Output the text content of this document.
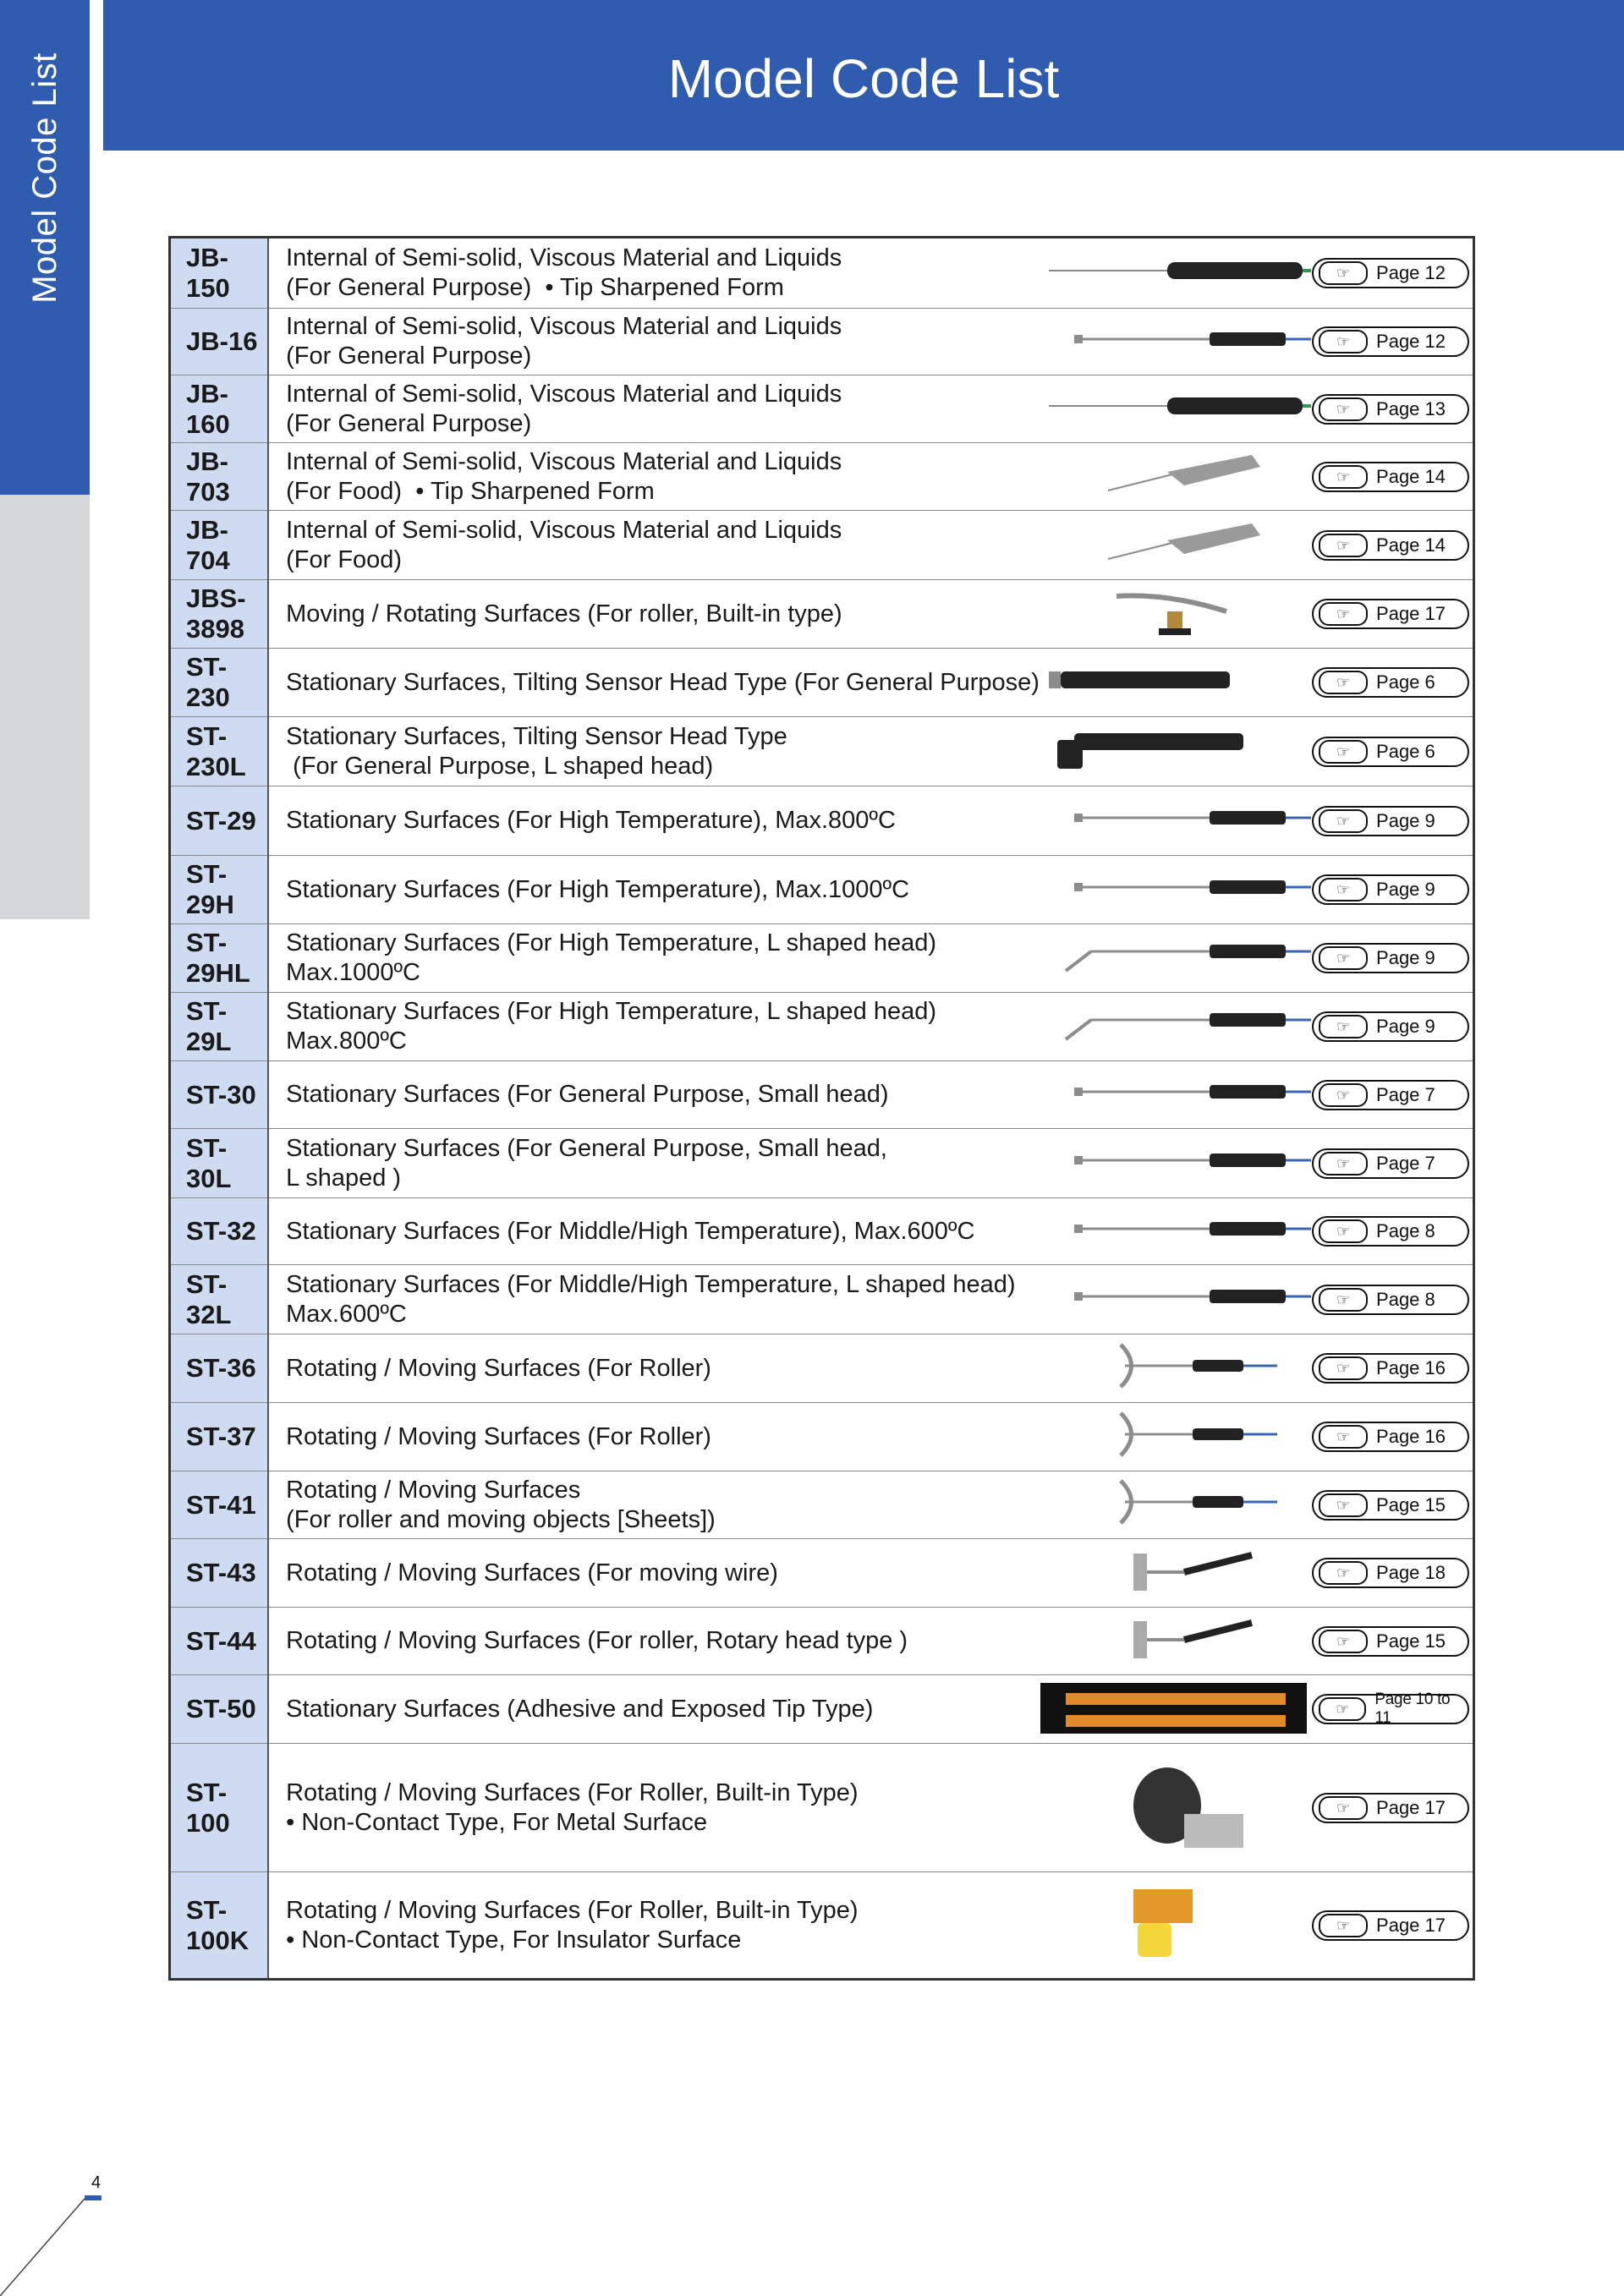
Model Code List	Model Code List
JB-150	Internal of Semi-solid, Viscous Material and Liquids
(For General Purpose)  • Tip Sharpened Form		☞ Page 12

JB-16	Internal of Semi-solid, Viscous Material and Liquids
(For General Purpose)		☞ Page 12

JB-160	Internal of Semi-solid, Viscous Material and Liquids
(For General Purpose)		☞ Page 13

JB-703	Internal of Semi-solid, Viscous Material and Liquids
(For Food)  • Tip Sharpened Form		☞ Page 14

JB-704	Internal of Semi-solid, Viscous Material and Liquids
(For Food)		☞ Page 14

JBS-3898	Moving / Rotating Surfaces (For roller, Built-in type)		☞ Page 17

ST-230	Stationary Surfaces, Tilting Sensor Head Type (For General Purpose)		☞ Page 6

ST-230L	Stationary Surfaces, Tilting Sensor Head Type
(For General Purpose, L shaped head)		☞ Page 6

ST-29	Stationary Surfaces (For High Temperature), Max.800ºC		☞ Page 9

ST-29H	Stationary Surfaces (For High Temperature), Max.1000ºC		☞ Page 9

ST-29HL	Stationary Surfaces (For High Temperature, L shaped head)
Max.1000ºC		☞ Page 9

ST-29L	Stationary Surfaces (For High Temperature, L shaped head)
Max.800ºC		☞ Page 9

ST-30	Stationary Surfaces (For General Purpose, Small head)		☞ Page 7

ST-30L	Stationary Surfaces (For General Purpose, Small head,
L shaped )		☞ Page 7

ST-32	Stationary Surfaces (For Middle/High Temperature), Max.600ºC		☞ Page 8

ST-32L	Stationary Surfaces (For Middle/High Temperature, L shaped head)
Max.600ºC		☞ Page 8

ST-36	Rotating / Moving Surfaces (For Roller)		☞ Page 16

ST-37	Rotating / Moving Surfaces (For Roller)		☞ Page 16

ST-41	Rotating / Moving Surfaces
(For roller and moving objects [Sheets])		☞ Page 15

ST-43	Rotating / Moving Surfaces (For moving wire)		☞ Page 18

ST-44	Rotating / Moving Surfaces (For roller, Rotary head type )		☞ Page 15

ST-50	Stationary Surfaces (Adhesive and Exposed Tip Type)		☞
Page 10 to 11

ST-100	Rotating / Moving Surfaces (For Roller, Built-in Type)
• Non-Contact Type, For Metal Surface		☞ Page 17

ST-100K	Rotating / Moving Surfaces (For Roller, Built-in Type)
• Non-Contact Type, For Insulator Surface		☞ Page 17
4
